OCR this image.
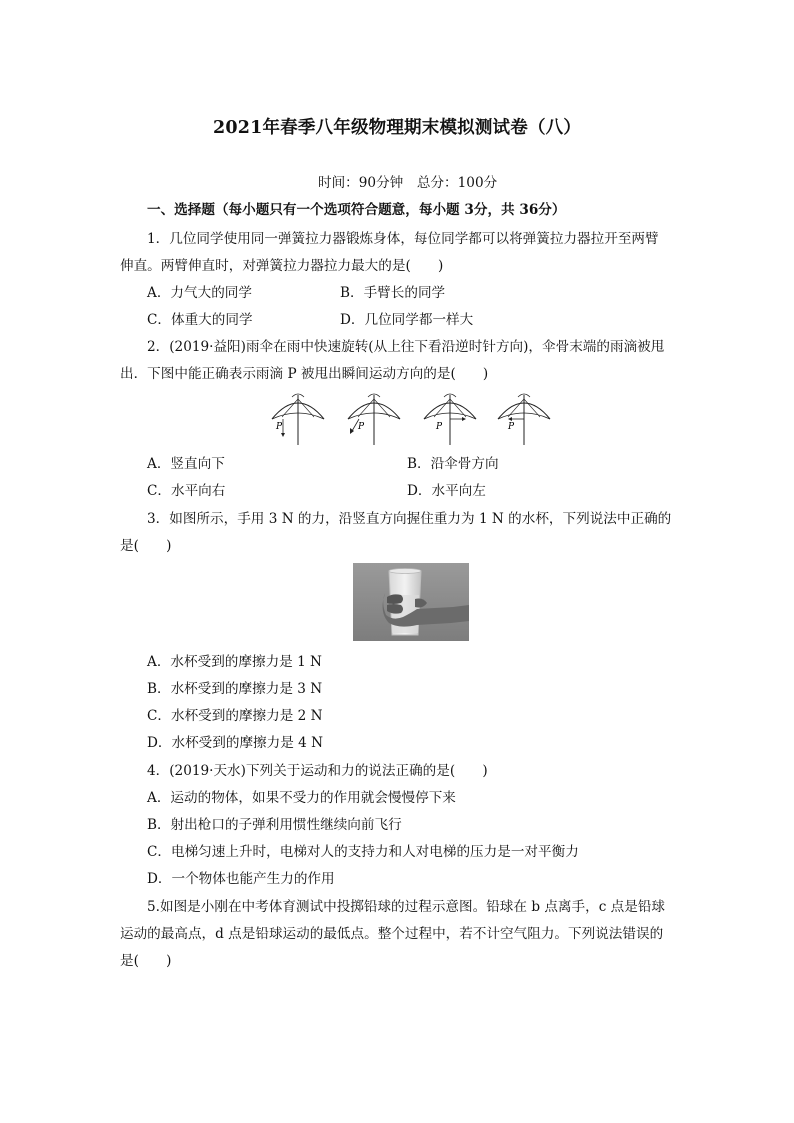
2021年春季八年级物理期末模拟测试卷（八）
时间：90分钟　总分：100分
一、选择题（每小题只有一个选项符合题意，每小题 3分，共 36分）
1．几位同学使用同一弹簧拉力器锻炼身体，每位同学都可以将弹簧拉力器拉开至两臂
伸直。两臂伸直时，对弹簧拉力器拉力最大的是(　　)
A．力气大的同学	B．手臂长的同学
C．体重大的同学	D．几位同学都一样大
2．(2019·益阳)雨伞在雨中快速旋转(从上往下看沿逆时针方向)，伞骨末端的雨滴被甩
出．下图中能正确表示雨滴 P 被甩出瞬间运动方向的是(　　)
P	P	P	P
A．竖直向下	B．沿伞骨方向
C．水平向右	D．水平向左
3．如图所示，手用 3 N 的力，沿竖直方向握住重力为 1 N 的水杯，下列说法中正确的
是(　　)
A．水杯受到的摩擦力是 1 N
B．水杯受到的摩擦力是 3 N
C．水杯受到的摩擦力是 2 N
D．水杯受到的摩擦力是 4 N
4．(2019·天水)下列关于运动和力的说法正确的是(　　)
A．运动的物体，如果不受力的作用就会慢慢停下来
B．射出枪口的子弹利用惯性继续向前飞行
C．电梯匀速上升时，电梯对人的支持力和人对电梯的压力是一对平衡力
D．一个物体也能产生力的作用
5.如图是小刚在中考体育测试中投掷铅球的过程示意图。铅球在 b 点离手，c 点是铅球
运动的最高点，d 点是铅球运动的最低点。整个过程中，若不计空气阻力。下列说法错误的
是(　　)
